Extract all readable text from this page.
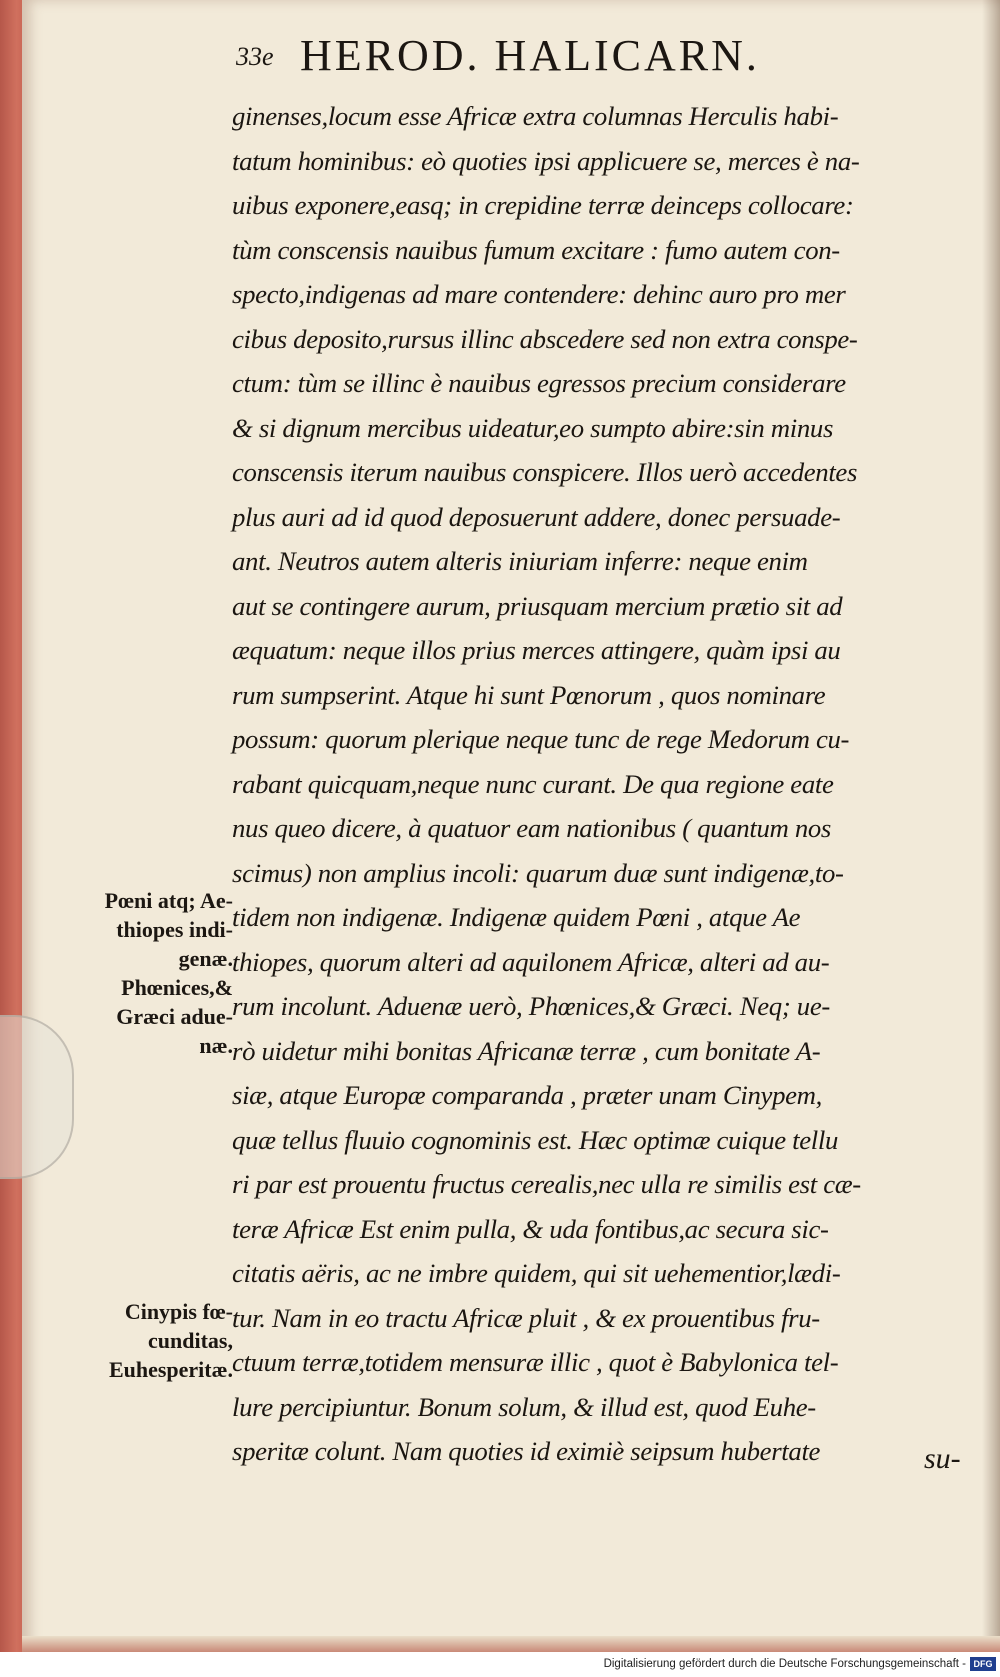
33e HEROD. HALICARN.
ginenses,locum esse Africæ extra columnas Herculis habi-
tatum hominibus: eò quoties ipsi applicuere se, merces è na-
uibus exponere,easq; in crepidine terræ deinceps collocare:
tùm conscensis nauibus fumum excitare : fumo autem con-
specto,indigenas ad mare contendere: dehinc auro pro mer
cibus deposito,rursus illinc abscedere sed non extra conspe-
ctum: tùm se illinc è nauibus egressos precium considerare
& si dignum mercibus uideatur,eo sumpto abire:sin minus
conscensis iterum nauibus conspicere. Illos uerò accedentes
plus auri ad id quod deposuerunt addere, donec persuade-
ant. Neutros autem alteris iniuriam inferre: neque enim
aut se contingere aurum, priusquam mercium prætio sit ad
æquatum: neque illos prius merces attingere, quàm ipsi au
rum sumpserint. Atque hi sunt Pœnorum , quos nominare
possum: quorum plerique neque tunc de rege Medorum cu-
rabant quicquam,neque nunc curant. De qua regione eate
nus queo dicere, à quatuor eam nationibus ( quantum nos
scimus) non amplius incoli: quarum duæ sunt indigenæ,to-
tidem non indigenæ. Indigenæ quidem Pœni , atque Ae
thiopes, quorum alteri ad aquilonem Africæ, alteri ad au-
rum incolunt. Aduenæ uerò, Phœnices,& Græci. Neq; ue-
rò uidetur mihi bonitas Africanæ terræ , cum bonitate A-
siæ, atque Europæ comparanda , præter unam Cinypem,
quæ tellus fluuio cognominis est. Hæc optimæ cuique tellu
ri par est prouentu fructus cerealis,nec ulla re similis est cæ-
teræ Africæ Est enim pulla, & uda fontibus,ac secura sic-
citatis aëris, ac ne imbre quidem, qui sit uehementior,lædi-
tur. Nam in eo tractu Africæ pluit , & ex prouentibus fru-
ctuum terræ,totidem mensuræ illic , quot è Babylonica tel-
lure percipiuntur. Bonum solum, & illud est, quod Euhe-
speritæ colunt. Nam quoties id eximiè seipsum hubertate
Pœni atq; Ae-
thiopes indi-
genæ.
Phœnices,&
Græci adue-
næ.
Cinypis fœ-
cunditas,
Euhesperitæ.
su-
Digitalisierung gefördert durch die Deutsche Forschungsgemeinschaft - DFG
